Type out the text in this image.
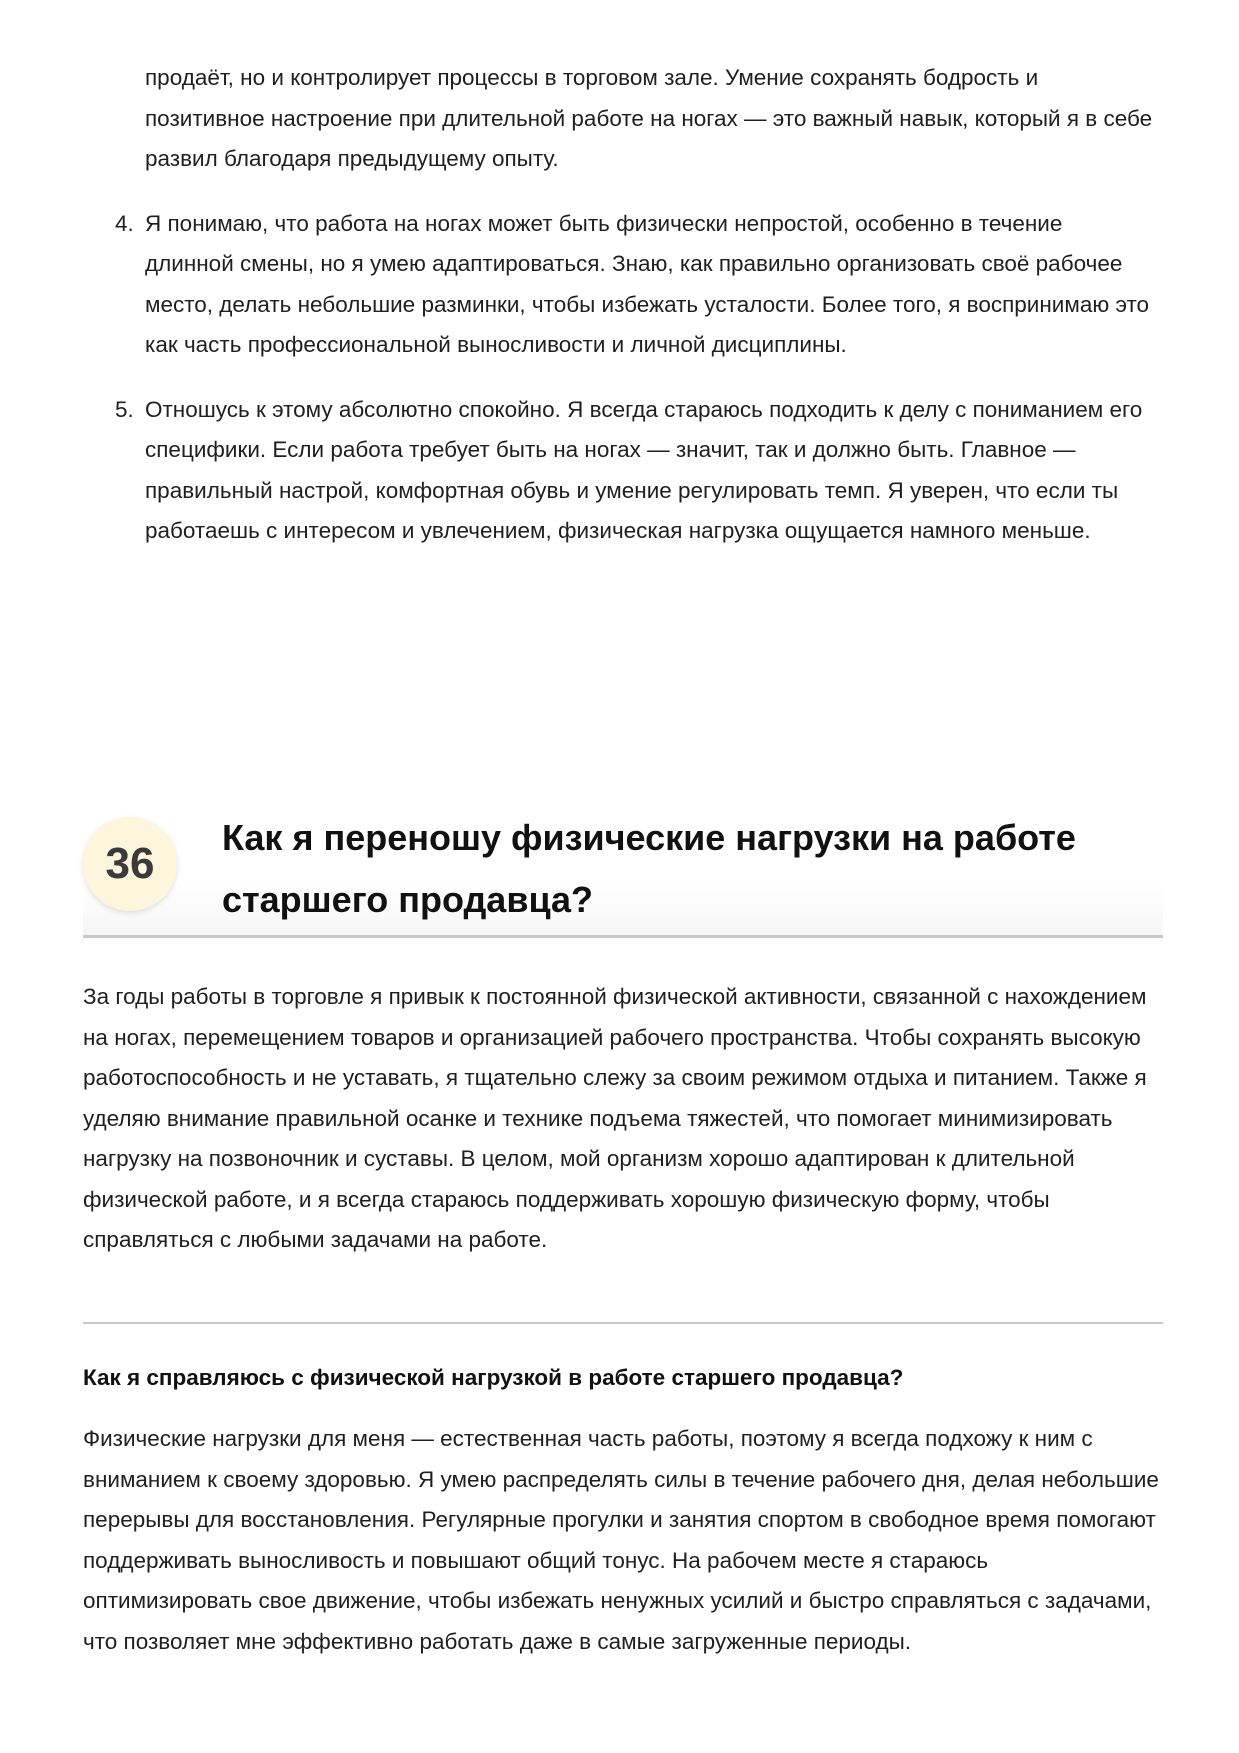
продаёт, но и контролирует процессы в торговом зале. Умение сохранять бодрость и позитивное настроение при длительной работе на ногах — это важный навык, который я в себе развил благодаря предыдущему опыту.
4. Я понимаю, что работа на ногах может быть физически непростой, особенно в течение длинной смены, но я умею адаптироваться. Знаю, как правильно организовать своё рабочее место, делать небольшие разминки, чтобы избежать усталости. Более того, я воспринимаю это как часть профессиональной выносливости и личной дисциплины.
5. Отношусь к этому абсолютно спокойно. Я всегда стараюсь подходить к делу с пониманием его специфики. Если работа требует быть на ногах — значит, так и должно быть. Главное — правильный настрой, комфортная обувь и умение регулировать темп. Я уверен, что если ты работаешь с интересом и увлечением, физическая нагрузка ощущается намного меньше.
36
Как я переношу физические нагрузки на работе старшего продавца?

За годы работы в торговле я привык к постоянной физической активности, связанной с нахождением на ногах, перемещением товаров и организацией рабочего пространства. Чтобы сохранять высокую работоспособность и не уставать, я тщательно слежу за своим режимом отдыха и питанием. Также я уделяю внимание правильной осанке и технике подъема тяжестей, что помогает минимизировать нагрузку на позвоночник и суставы. В целом, мой организм хорошо адаптирован к длительной физической работе, и я всегда стараюсь поддерживать хорошую физическую форму, чтобы справляться с любыми задачами на работе.

Как я справляюсь с физической нагрузкой в работе старшего продавца?

Физические нагрузки для меня — естественная часть работы, поэтому я всегда подхожу к ним с вниманием к своему здоровью. Я умею распределять силы в течение рабочего дня, делая небольшие перерывы для восстановления. Регулярные прогулки и занятия спортом в свободное время помогают поддерживать выносливость и повышают общий тонус. На рабочем месте я стараюсь оптимизировать свое движение, чтобы избежать ненужных усилий и быстро справляться с задачами, что позволяет мне эффективно работать даже в самые загруженные периоды.
